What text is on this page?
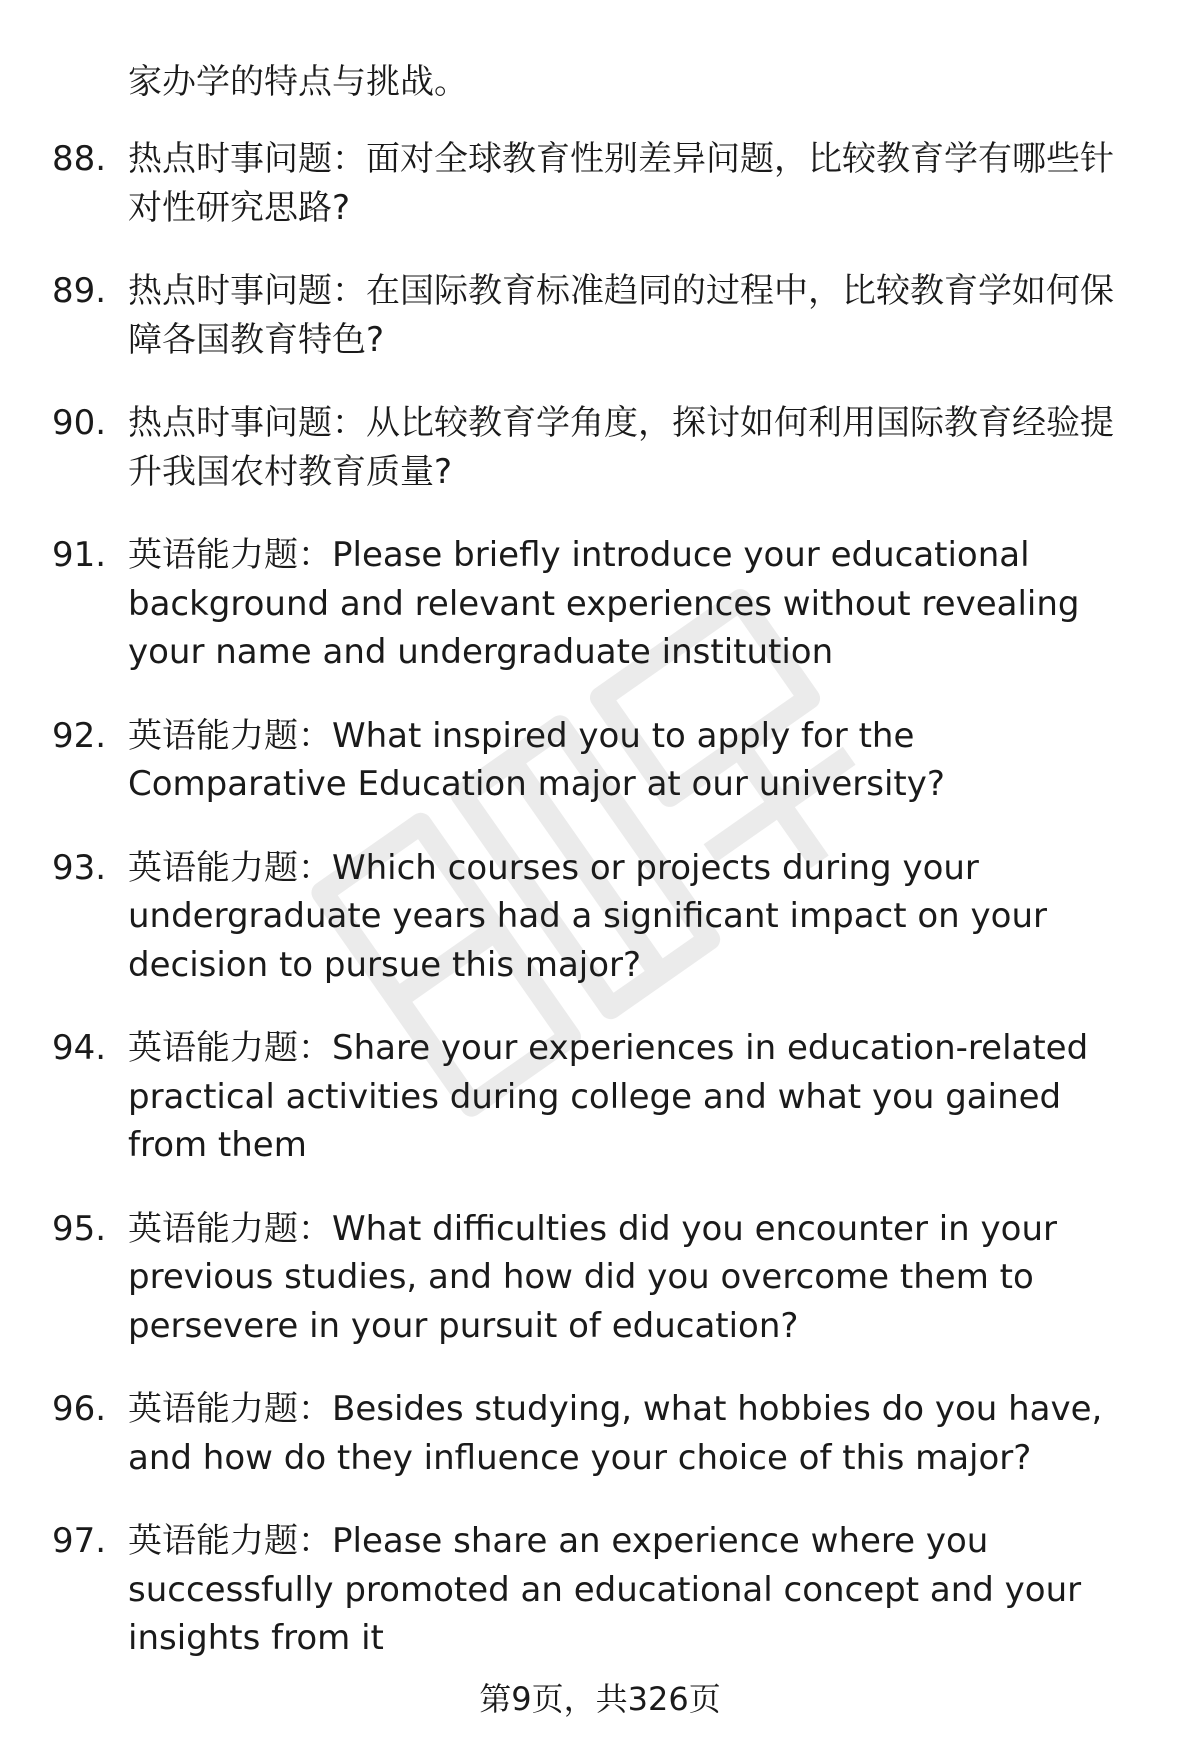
家办学的特点与挑战。
88. 热点时事问题：面对全球教育性别差异问题，比较教育学有哪些针对性研究思路?
89. 热点时事问题：在国际教育标准趋同的过程中，比较教育学如何保障各国教育特色?
90. 热点时事问题：从比较教育学角度，探讨如何利用国际教育经验提升我国农村教育质量?
91. 英语能力题：Please briefly introduce your educational background and relevant experiences without revealing your name and undergraduate institution
92. 英语能力题：What inspired you to apply for the Comparative Education major at our university?
93. 英语能力题：Which courses or projects during your undergraduate years had a significant impact on your decision to pursue this major?
94. 英语能力题：Share your experiences in education-related practical activities during college and what you gained from them
95. 英语能力题：What difficulties did you encounter in your previous studies, and how did you overcome them to persevere in your pursuit of education?
96. 英语能力题：Besides studying, what hobbies do you have, and how do they influence your choice of this major?
97. 英语能力题：Please share an experience where you successfully promoted an educational concept and your insights from it
第9页，共326页
